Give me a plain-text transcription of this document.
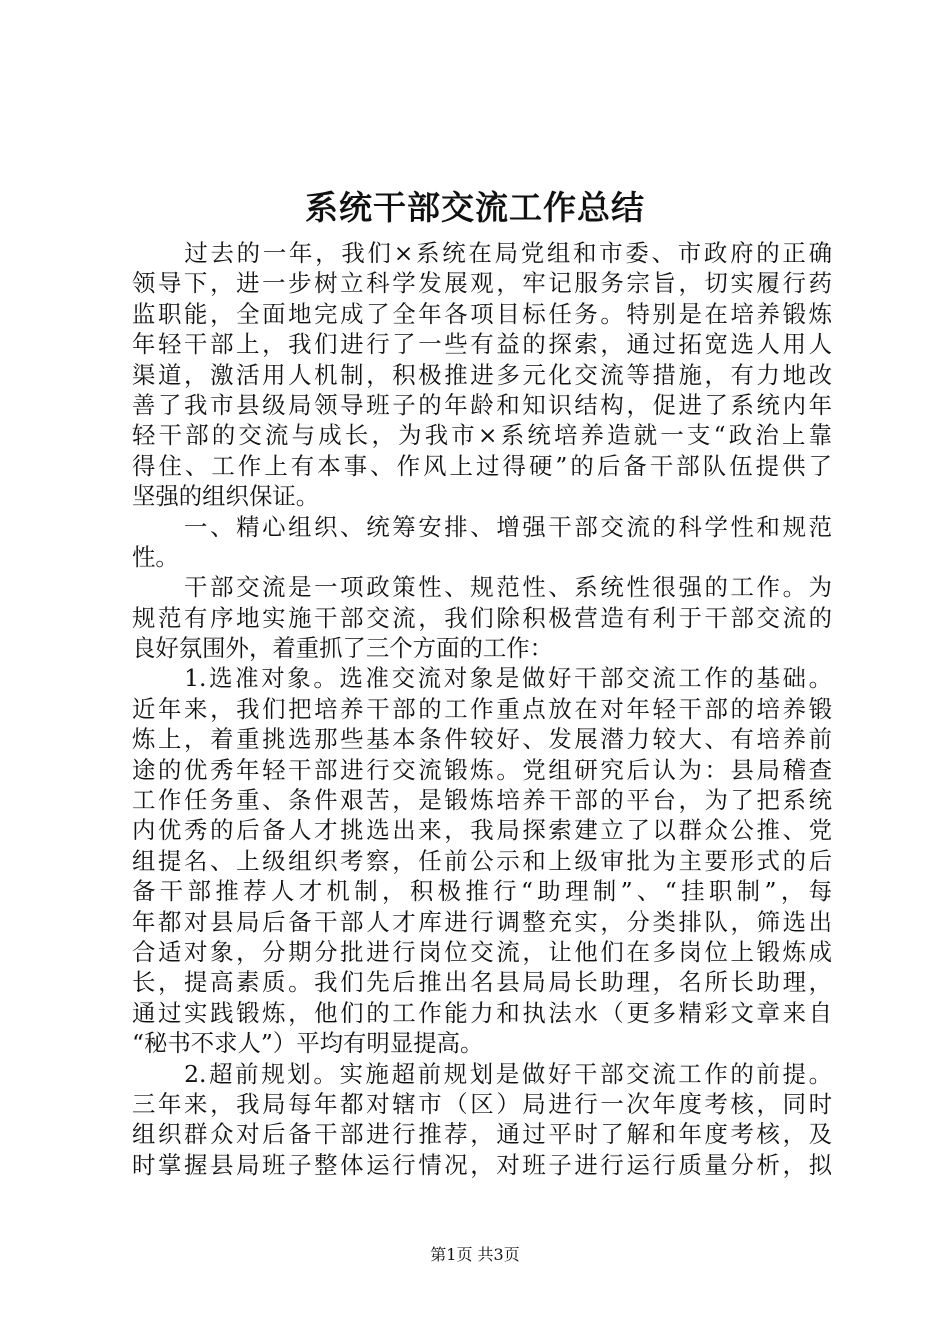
系统干部交流工作总结
　　过去的一年，我们×系统在局党组和市委、市政府的正确
领导下，进一步树立科学发展观，牢记服务宗旨，切实履行药
监职能，全面地完成了全年各项目标任务。特别是在培养锻炼
年轻干部上，我们进行了一些有益的探索，通过拓宽选人用人
渠道，激活用人机制，积极推进多元化交流等措施，有力地改
善了我市县级局领导班子的年龄和知识结构，促进了系统内年
轻干部的交流与成长，为我市×系统培养造就一支“政治上靠
得住、工作上有本事、作风上过得硬”的后备干部队伍提供了
坚强的组织保证。
　　一、精心组织、统筹安排、增强干部交流的科学性和规范
性。
　　干部交流是一项政策性、规范性、系统性很强的工作。为
规范有序地实施干部交流，我们除积极营造有利于干部交流的
良好氛围外，着重抓了三个方面的工作：
　　1.选准对象。选准交流对象是做好干部交流工作的基础。
近年来，我们把培养干部的工作重点放在对年轻干部的培养锻
炼上，着重挑选那些基本条件较好、发展潜力较大、有培养前
途的优秀年轻干部进行交流锻炼。党组研究后认为：县局稽查
工作任务重、条件艰苦，是锻炼培养干部的平台，为了把系统
内优秀的后备人才挑选出来，我局探索建立了以群众公推、党
组提名、上级组织考察，任前公示和上级审批为主要形式的后
备干部推荐人才机制，积极推行“助理制”、“挂职制”，每
年都对县局后备干部人才库进行调整充实，分类排队，筛选出
合适对象，分期分批进行岗位交流，让他们在多岗位上锻炼成
长，提高素质。我们先后推出名县局局长助理，名所长助理，
通过实践锻炼，他们的工作能力和执法水（更多精彩文章来自
“秘书不求人”）平均有明显提高。
　　2.超前规划。实施超前规划是做好干部交流工作的前提。
三年来，我局每年都对辖市（区）局进行一次年度考核，同时
组织群众对后备干部进行推荐，通过平时了解和年度考核，及
时掌握县局班子整体运行情况，对班子进行运行质量分析，拟
第1页 共3页
